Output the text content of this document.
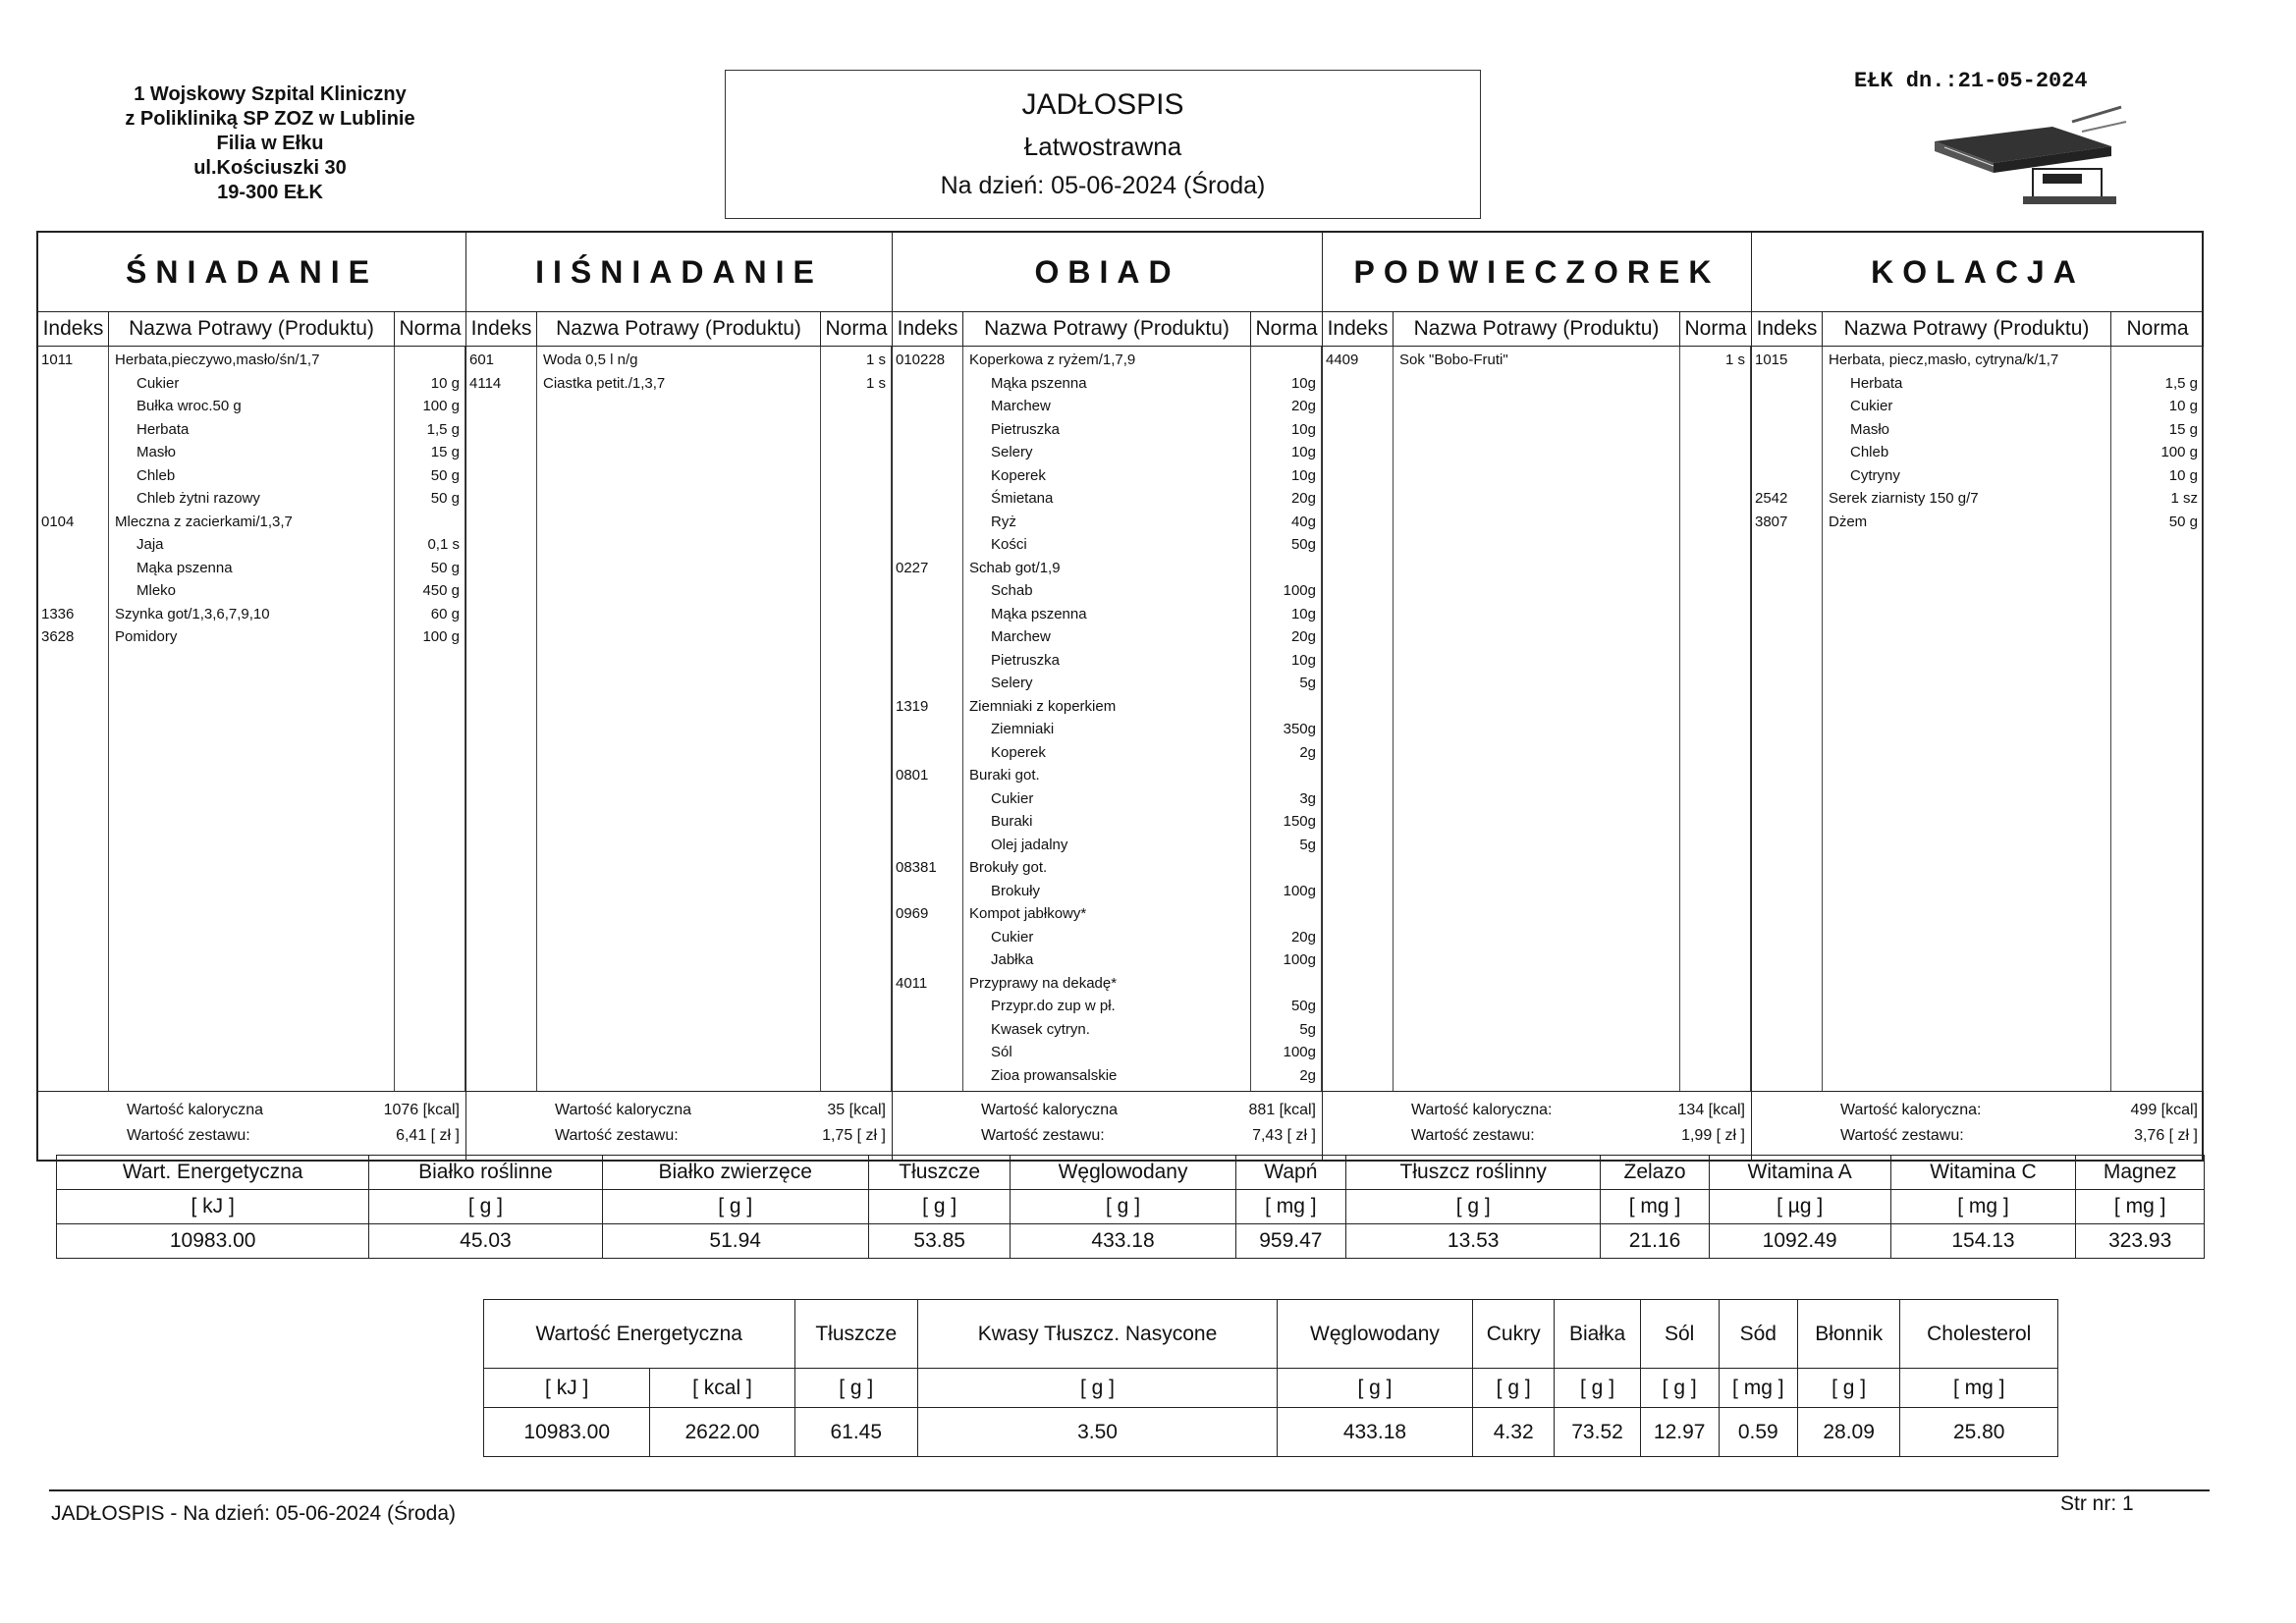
1 Wojskowy Szpital Kliniczny
z Polikliniką SP ZOZ w Lublinie
Filia w Ełku
ul.Kościuszki 30
19-300 EŁK
JADŁOSPIS
Łatwostrawna
Na dzień: 05-06-2024 (Środa)
EŁK dn.:21-05-2024
ŚNIADANIE
Indeks	Nazwa Potrawy (Produktu)	Norma
1011	Herbata,pieczywo,masło/śn/1,7
Cukier	10 g
Bułka wroc.50 g	100 g
Herbata	1,5 g
Masło	15 g
Chleb	50 g
Chleb żytni razowy	50 g
0104	Mleczna z zacierkami/1,3,7
Jaja	0,1 s
Mąka pszenna	50 g
Mleko	450 g
1336	Szynka got/1,3,6,7,9,10	60 g
3628	Pomidory	100 g
Wartość kaloryczna	1076 [kcal]
Wartość zestawu:	6,41 [ zł ]
IIŚNIADANIE
Indeks	Nazwa Potrawy (Produktu)	Norma
601	Woda 0,5 l n/g	1 s
4114	Ciastka petit./1,3,7	1 s
Wartość kaloryczna	35 [kcal]
Wartość zestawu:	1,75 [ zł ]
OBIAD
Indeks	Nazwa Potrawy (Produktu)	Norma
010228	Koperkowa z ryżem/1,7,9
Mąka pszenna	10g
Marchew	20g
Pietruszka	10g
Selery	10g
Koperek	10g
Śmietana	20g
Ryż	40g
Kości	50g
0227	Schab got/1,9
Schab	100g
Mąka pszenna	10g
Marchew	20g
Pietruszka	10g
Selery	5g
1319	Ziemniaki z koperkiem
Ziemniaki	350g
Koperek	2g
0801	Buraki got.
Cukier	3g
Buraki	150g
Olej jadalny	5g
08381	Brokuły got.
Brokuły	100g
0969	Kompot jabłkowy*
Cukier	20g
Jabłka	100g
4011	Przyprawy na dekadę*
Przypr.do zup w pł.	50g
Kwasek cytryn.	5g
Sól	100g
Zioa prowansalskie	2g
Wartość kaloryczna	881 [kcal]
Wartość zestawu:	7,43 [ zł ]
PODWIECZOREK
Indeks	Nazwa Potrawy (Produktu)	Norma
4409	Sok "Bobo-Fruti"	1 s
Wartość kaloryczna:	134 [kcal]
Wartość zestawu:	1,99 [ zł ]
KOLACJA
Indeks	Nazwa Potrawy (Produktu)	Norma
1015	Herbata, piecz,masło, cytryna/k/1,7
Herbata	1,5 g
Cukier	10 g
Masło	15 g
Chleb	100 g
Cytryny	10 g
2542	Serek ziarnisty 150 g/7	1 sz
3807	Dżem	50 g
Wartość kaloryczna:	499 [kcal]
Wartość zestawu:	3,76 [ zł ]
Wart. Energetyczna	Białko roślinne	Białko zwierzęce	Tłuszcze	Węglowodany	Wapń	Tłuszcz roślinny	Żelazo	Witamina A	Witamina C	Magnez
[ kJ ]	[ g ]	[ g ]	[ g ]	[ g ]	[ mg ]	[ g ]	[ mg ]	[ µg ]	[ mg ]	[ mg ]
10983.00	45.03	51.94	53.85	433.18	959.47	13.53	21.16	1092.49	154.13	323.93
Wartość Energetyczna		Tłuszcze	Kwasy Tłuszcz. Nasycone	Węglowodany	Cukry	Białka	Sól	Sód	Błonnik	Cholesterol
[ kJ ]	[ kcal ]	[ g ]	[ g ]	[ g ]	[ g ]	[ g ]	[ g ]	[ mg ]	[ g ]	[ mg ]
10983.00	2622.00	61.45	3.50	433.18	4.32	73.52	12.97	0.59	28.09	25.80
JADŁOSPIS - Na dzień: 05-06-2024 (Środa)	Str nr: 1
